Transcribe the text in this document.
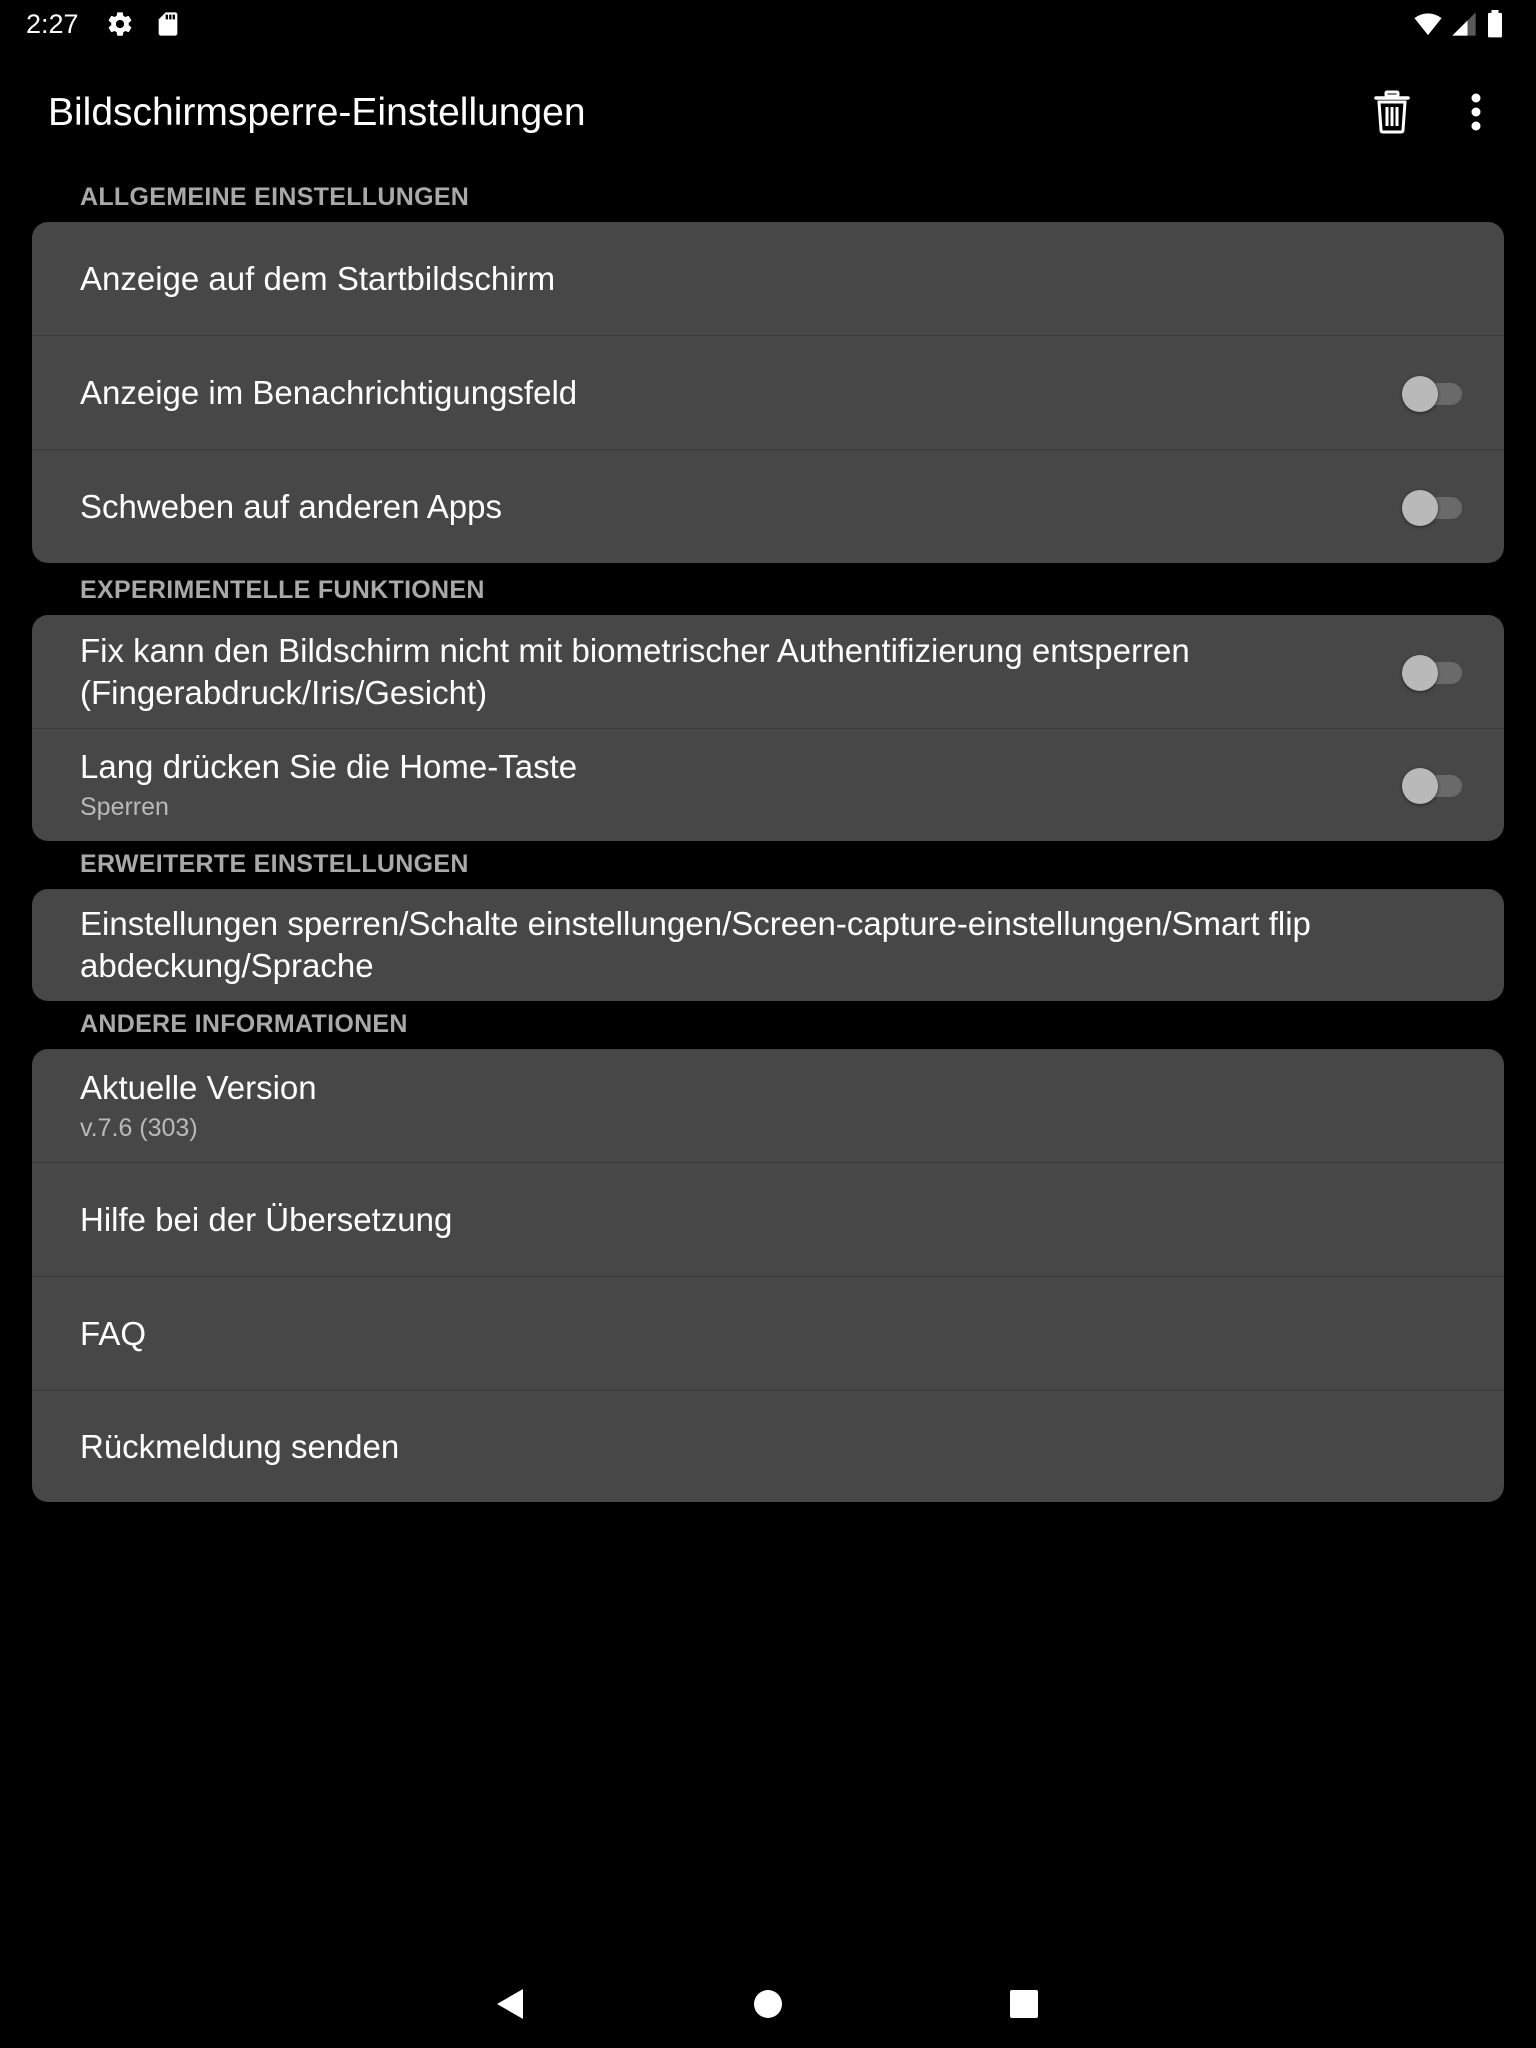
2:27
Bildschirmsperre-Einstellungen
ALLGEMEINE EINSTELLUNGEN
Anzeige auf dem Startbildschirm
Anzeige im Benachrichtigungsfeld
Schweben auf anderen Apps
EXPERIMENTELLE FUNKTIONEN
Fix kann den Bildschirm nicht mit biometrischer Authentifizierung entsperren (Fingerabdruck/Iris/Gesicht)
Lang drücken Sie die Home-Taste
Sperren
ERWEITERTE EINSTELLUNGEN
Einstellungen sperren/Schalte einstellungen/Screen-capture-einstellungen/Smart flip abdeckung/Sprache
ANDERE INFORMATIONEN
Aktuelle Version
v.7.6 (303)
Hilfe bei der Übersetzung
FAQ
Rückmeldung senden
